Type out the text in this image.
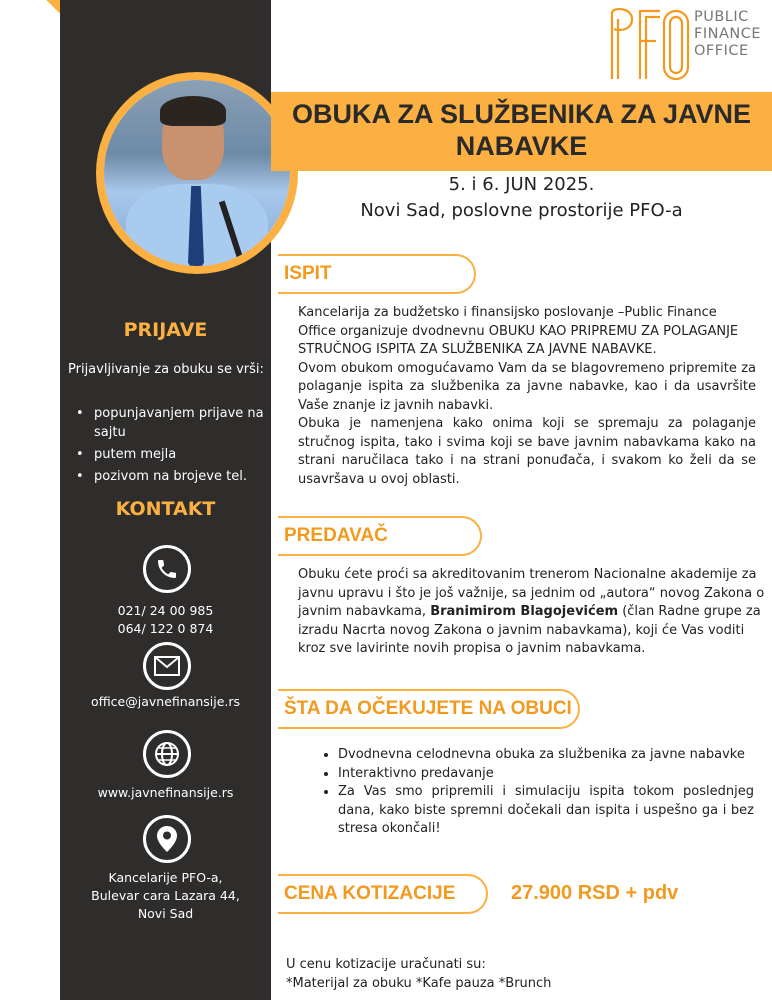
PRIJAVE
Prijavljivanje za obuku se vrši:
• popunjavanjem prijave na sajtu
• putem mejla
• pozivom na brojeve tel.
KONTAKT
021/ 24 00 985
064/ 122 0 874
office@javnefinansije.rs
www.javnefinansije.rs
Kancelarije PFO-a,
Bulevar cara Lazara 44,
Novi Sad
PUBLIC
FINANCE
OFFICE
OBUKA ZA SLUŽBENIKA ZA JAVNE NABAVKE
5. i 6. JUN 2025.
Novi Sad, poslovne prostorije PFO-a
ISPIT
Kancelarija za budžetsko i finansijsko poslovanje –Public Finance Office organizuje dvodnevnu OBUKU KAO PRIPREMU ZA POLAGANJE STRUČNOG ISPITA ZA SLUŽBENIKA ZA JAVNE NABAVKE.
Ovom obukom omogućavamo Vam da se blagovremeno pripremite za polaganje ispita za službenika za javne nabavke, kao i da usavršite Vaše znanje iz javnih nabavki.
Obuka je namenjena kako onima koji se spremaju za polaganje stručnog ispita, tako i svima koji se bave javnim nabavkama kako na strani naručilaca tako i na strani ponuđača, i svakom ko želi da se usavršava u ovoj oblasti.
PREDAVAČ
Obuku ćete proći sa akreditovanim trenerom Nacionalne akademije za javnu upravu i što je još važnije, sa jednim od „autora“ novog Zakona o javnim nabavkama, Branimirom Blagojevićem (član Radne grupe za izradu Nacrta novog Zakona o javnim nabavkama), koji će Vas voditi kroz sve lavirinte novih propisa o javnim nabavkama.
ŠTA DA OČEKUJETE NA OBUCI
• Dvodnevna celodnevna obuka za službenika za javne nabavke
• Interaktivno predavanje
• Za Vas smo pripremili i simulaciju ispita tokom poslednjeg dana, kako biste spremni dočekali dan ispita i uspešno ga i bez stresa okončali!
CENA KOTIZACIJE	27.900 RSD + pdv
U cenu kotizacije uračunati su:
*Materijal za obuku *Kafe pauza *Brunch
